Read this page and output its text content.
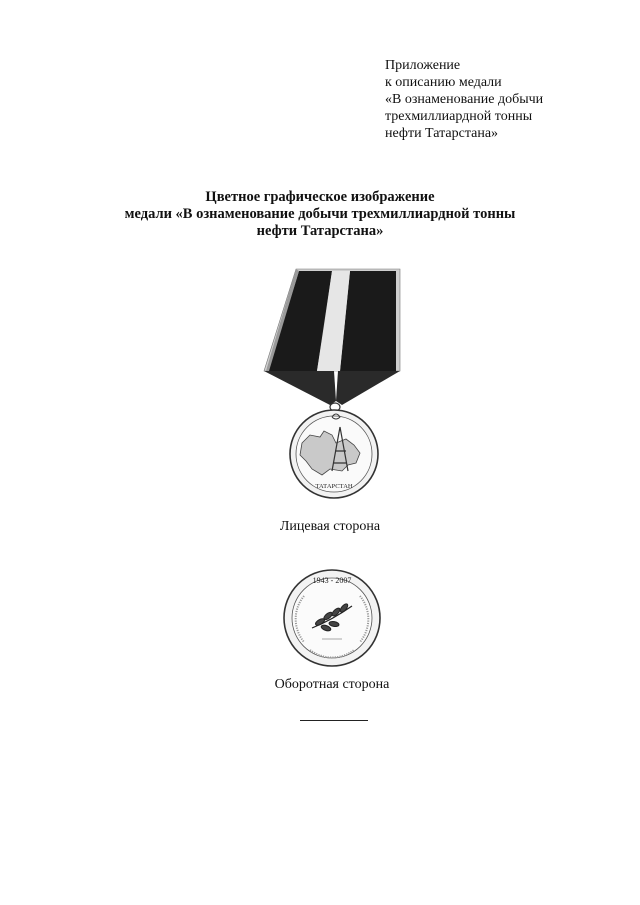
Приложение
к описанию медали
«В ознаменование добычи
трехмиллиардной тонны
нефти Татарстана»
Цветное графическое изображение
медали «В ознаменование добычи трехмиллиардной тонны
нефти Татарстана»
ТАТАРСТАН
Лицевая сторона
1943 - 2007
Оборотная сторона
